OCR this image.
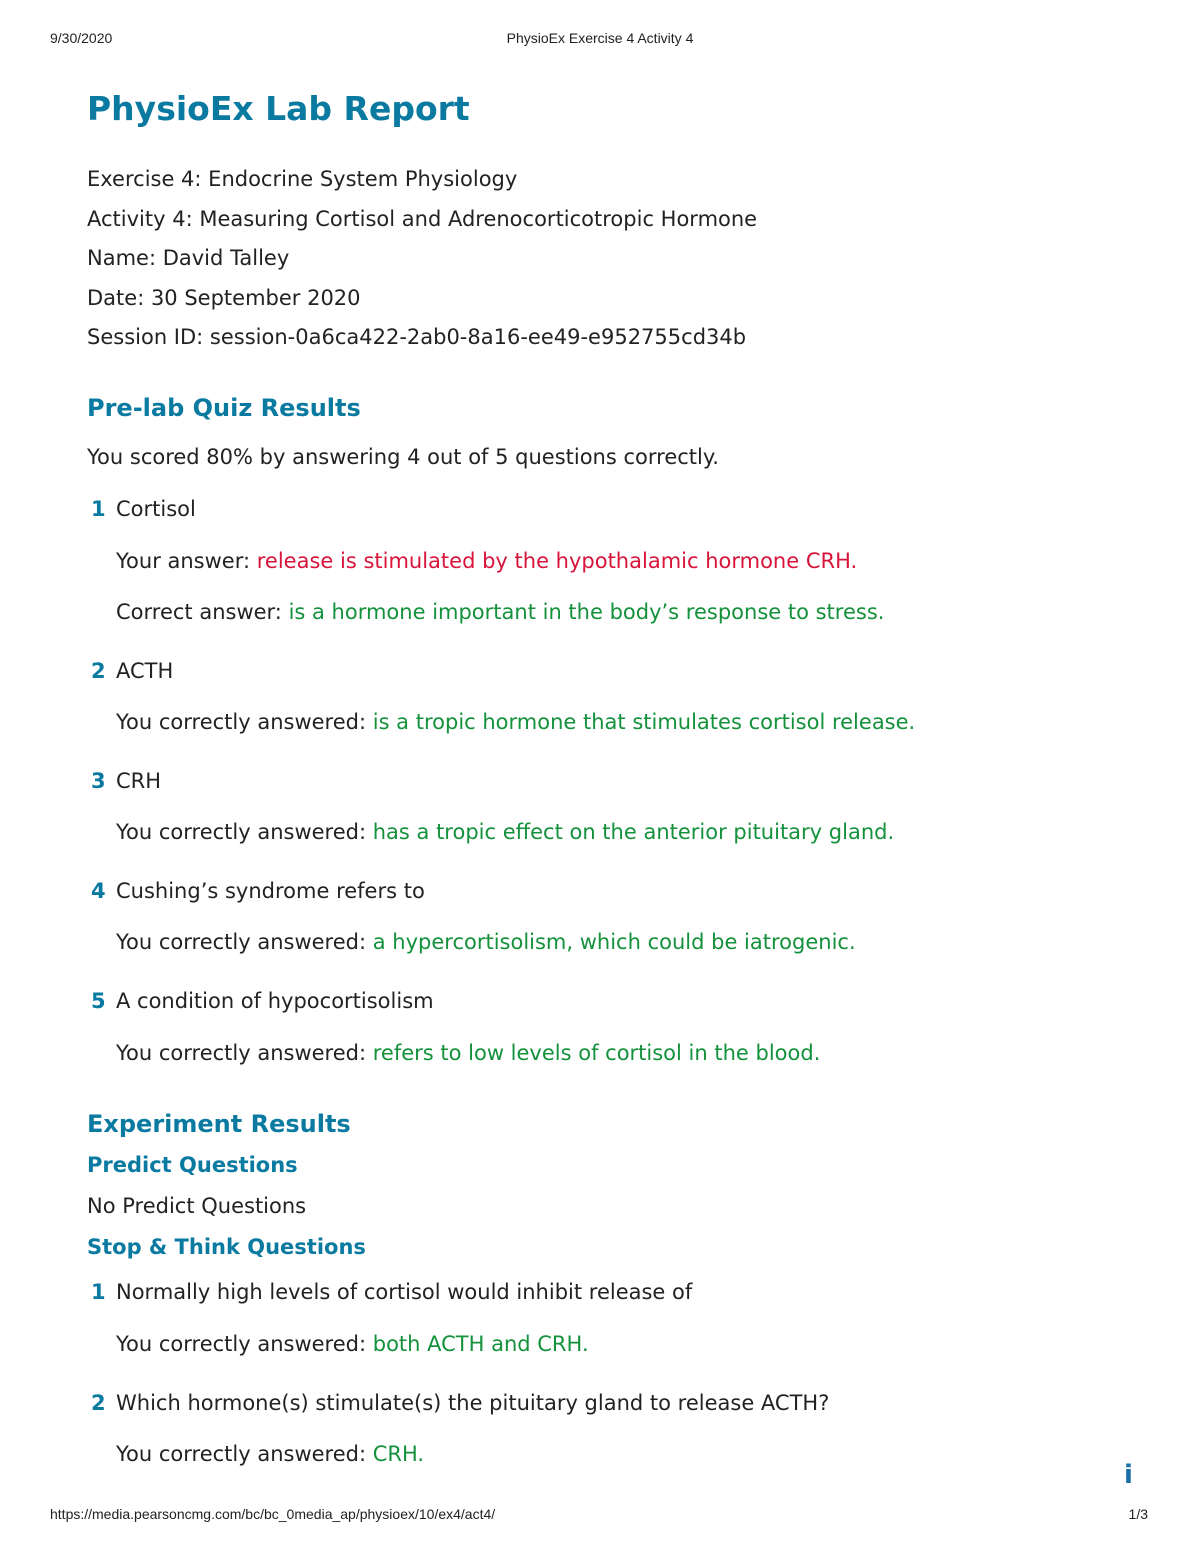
9/30/2020	PhysioEx Exercise 4 Activity 4
PhysioEx Lab Report
Exercise 4: Endocrine System Physiology
Activity 4: Measuring Cortisol and Adrenocorticotropic Hormone
Name: David Talley
Date: 30 September 2020
Session ID: session-0a6ca422-2ab0-8a16-ee49-e952755cd34b
Pre-lab Quiz Results
You scored 80% by answering 4 out of 5 questions correctly.
1 Cortisol
Your answer: release is stimulated by the hypothalamic hormone CRH.
Correct answer: is a hormone important in the body’s response to stress.
2 ACTH
You correctly answered: is a tropic hormone that stimulates cortisol release.
3 CRH
You correctly answered: has a tropic effect on the anterior pituitary gland.
4 Cushing’s syndrome refers to
You correctly answered: a hypercortisolism, which could be iatrogenic.
5 A condition of hypocortisolism
You correctly answered: refers to low levels of cortisol in the blood.
Experiment Results
Predict Questions
No Predict Questions
Stop & Think Questions
1 Normally high levels of cortisol would inhibit release of
You correctly answered: both ACTH and CRH.
2 Which hormone(s) stimulate(s) the pituitary gland to release ACTH?
You correctly answered: CRH.
i
https://media.pearsoncmg.com/bc/bc_0media_ap/physioex/10/ex4/act4/	1/3
